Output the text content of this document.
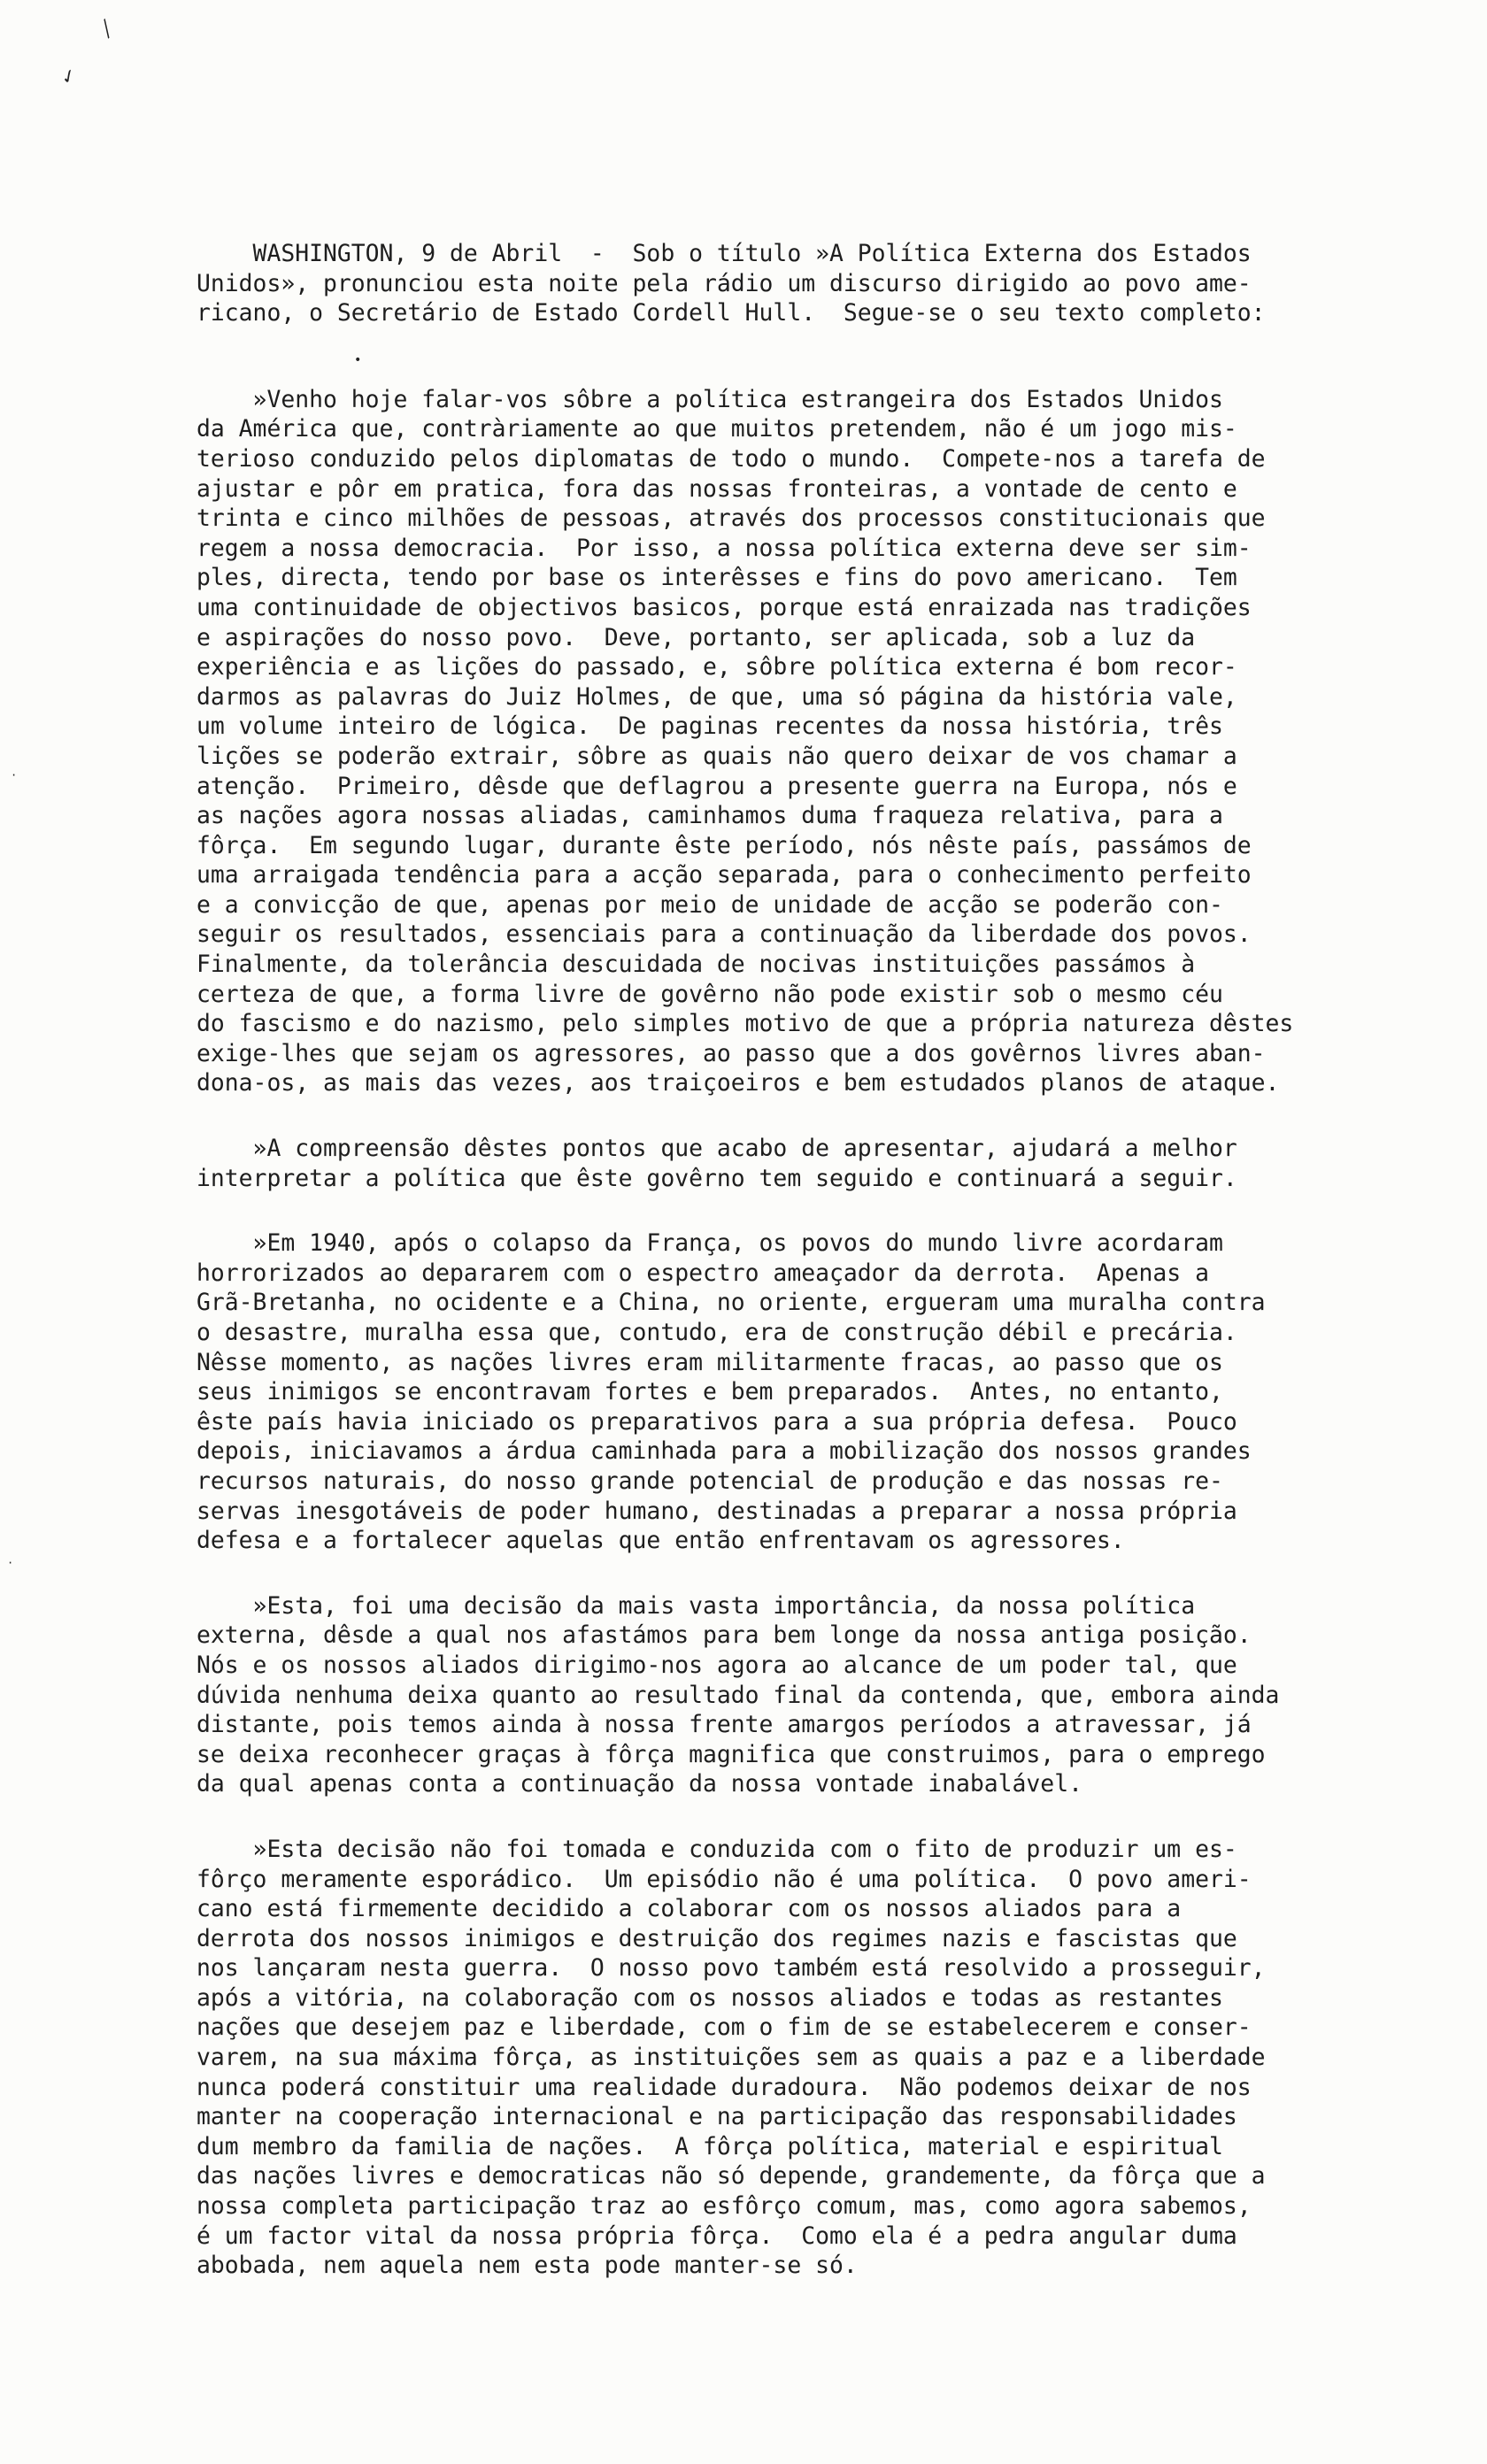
⁄
✓
•
·
·
WASHINGTON, 9 de Abril  -  Sob o título »A Política Externa dos Estados
Unidos», pronunciou esta noite pela rádio um discurso dirigido ao povo ame-
ricano, o Secretário de Estado Cordell Hull.  Segue-se o seu texto completo:
»Venho hoje falar-vos sôbre a política estrangeira dos Estados Unidos
da América que, contràriamente ao que muitos pretendem, não é um jogo mis-
terioso conduzido pelos diplomatas de todo o mundo.  Compete-nos a tarefa de
ajustar e pôr em pratica, fora das nossas fronteiras, a vontade de cento e
trinta e cinco milhões de pessoas, através dos processos constitucionais que
regem a nossa democracia.  Por isso, a nossa política externa deve ser sim-
ples, directa, tendo por base os interêsses e fins do povo americano.  Tem
uma continuidade de objectivos basicos, porque está enraizada nas tradições
e aspirações do nosso povo.  Deve, portanto, ser aplicada, sob a luz da
experiência e as lições do passado, e, sôbre política externa é bom recor-
darmos as palavras do Juiz Holmes, de que, uma só página da história vale,
um volume inteiro de lógica.  De paginas recentes da nossa história, três
lições se poderão extrair, sôbre as quais não quero deixar de vos chamar a
atenção.  Primeiro, dêsde que deflagrou a presente guerra na Europa, nós e
as nações agora nossas aliadas, caminhamos duma fraqueza relativa, para a
fôrça.  Em segundo lugar, durante êste período, nós nêste país, passámos de
uma arraigada tendência para a acção separada, para o conhecimento perfeito
e a convicção de que, apenas por meio de unidade de acção se poderão con-
seguir os resultados, essenciais para a continuação da liberdade dos povos.
Finalmente, da tolerância descuidada de nocivas instituições passámos à
certeza de que, a forma livre de govêrno não pode existir sob o mesmo céu
do fascismo e do nazismo, pelo simples motivo de que a própria natureza dêstes
exige-lhes que sejam os agressores, ao passo que a dos govêrnos livres aban-
dona-os, as mais das vezes, aos traiçoeiros e bem estudados planos de ataque.
»A compreensão dêstes pontos que acabo de apresentar, ajudará a melhor
interpretar a política que êste govêrno tem seguido e continuará a seguir.
»Em 1940, após o colapso da França, os povos do mundo livre acordaram
horrorizados ao depararem com o espectro ameaçador da derrota.  Apenas a
Grã-Bretanha, no ocidente e a China, no oriente, ergueram uma muralha contra
o desastre, muralha essa que, contudo, era de construção débil e precária.
Nêsse momento, as nações livres eram militarmente fracas, ao passo que os
seus inimigos se encontravam fortes e bem preparados.  Antes, no entanto,
êste país havia iniciado os preparativos para a sua própria defesa.  Pouco
depois, iniciavamos a árdua caminhada para a mobilização dos nossos grandes
recursos naturais, do nosso grande potencial de produção e das nossas re-
servas inesgotáveis de poder humano, destinadas a preparar a nossa própria
defesa e a fortalecer aquelas que então enfrentavam os agressores.
»Esta, foi uma decisão da mais vasta importância, da nossa política
externa, dêsde a qual nos afastámos para bem longe da nossa antiga posição.
Nós e os nossos aliados dirigimo-nos agora ao alcance de um poder tal, que
dúvida nenhuma deixa quanto ao resultado final da contenda, que, embora ainda
distante, pois temos ainda à nossa frente amargos períodos a atravessar, já
se deixa reconhecer graças à fôrça magnifica que construimos, para o emprego
da qual apenas conta a continuação da nossa vontade inabalável.
»Esta decisão não foi tomada e conduzida com o fito de produzir um es-
fôrço meramente esporádico.  Um episódio não é uma política.  O povo ameri-
cano está firmemente decidido a colaborar com os nossos aliados para a
derrota dos nossos inimigos e destruição dos regimes nazis e fascistas que
nos lançaram nesta guerra.  O nosso povo também está resolvido a prosseguir,
após a vitória, na colaboração com os nossos aliados e todas as restantes
nações que desejem paz e liberdade, com o fim de se estabelecerem e conser-
varem, na sua máxima fôrça, as instituições sem as quais a paz e a liberdade
nunca poderá constituir uma realidade duradoura.  Não podemos deixar de nos
manter na cooperação internacional e na participação das responsabilidades
dum membro da familia de nações.  A fôrça política, material e espiritual
das nações livres e democraticas não só depende, grandemente, da fôrça que a
nossa completa participação traz ao esfôrço comum, mas, como agora sabemos,
é um factor vital da nossa própria fôrça.  Como ela é a pedra angular duma
abobada, nem aquela nem esta pode manter-se só.
